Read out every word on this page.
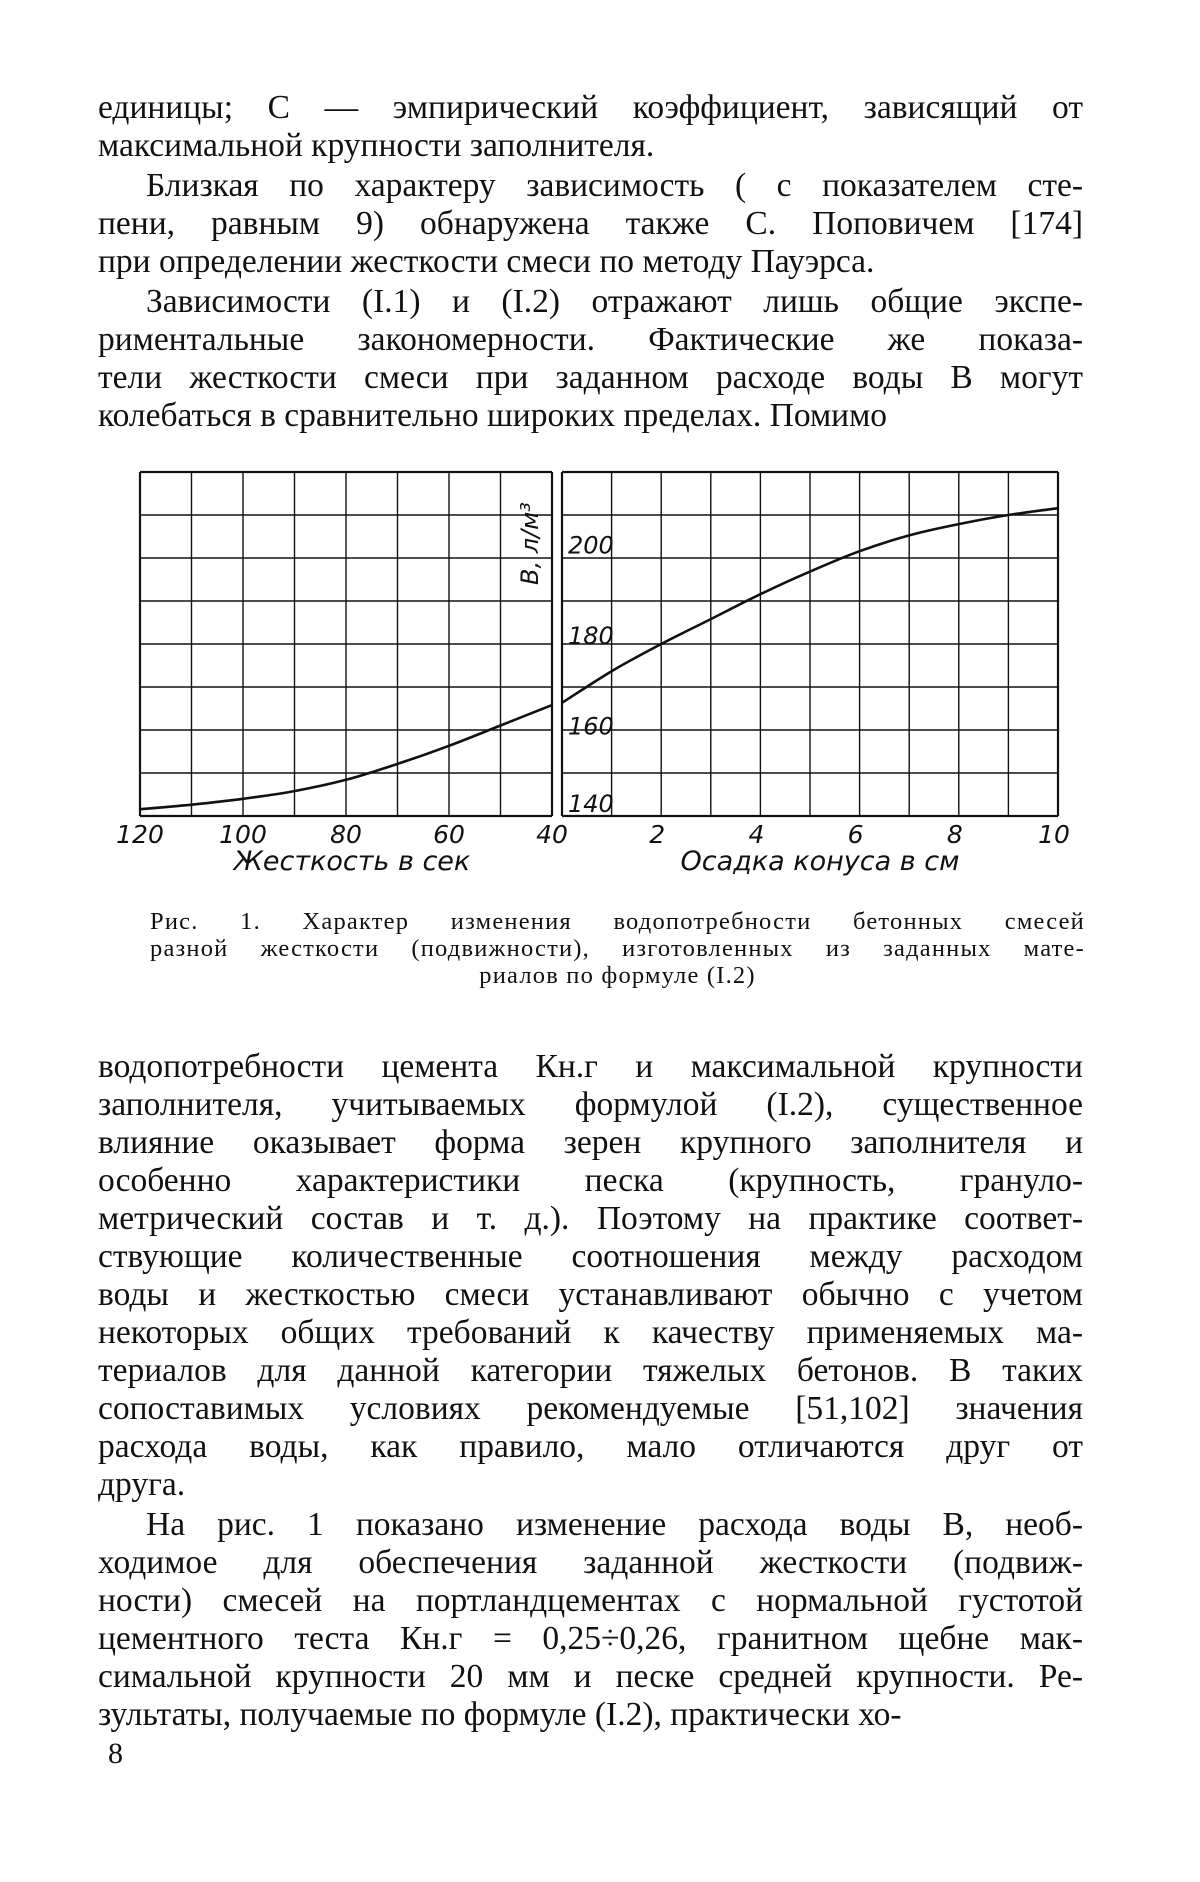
единицы; С — эмпирический коэффициент, зависящий от
максимальной крупности заполнителя.
Близкая по характеру зависимость ( с показателем сте-
пени, равным 9) обнаружена также С. Поповичем [174]
при определении жесткости смеси по методу Пауэрса.
Зависимости (I.1) и (I.2) отражают лишь общие экспе-
риментальные закономерности. Фактические же показа-
тели жесткости смеси при заданном расходе воды В могут
колебаться в сравнительно широких пределах. Помимо
200
180
160
140
120 100	80	60	40	2	4	6	8	10
В, л/м³
Жесткость в сек	Осадка конуса в см
Рис. 1. Характер изменения водопотребности бетонных смесей
разной жесткости (подвижности), изготовленных из заданных мате-
риалов по формуле (I.2)
водопотребности цемента Кн.г и максимальной крупности
заполнителя, учитываемых формулой (I.2), существенное
влияние оказывает форма зерен крупного заполнителя и
особенно характеристики песка (крупность, грануло-
метрический состав и т. д.). Поэтому на практике соответ-
ствующие количественные соотношения между расходом
воды и жесткостью смеси устанавливают обычно с учетом
некоторых общих требований к качеству применяемых ма-
териалов для данной категории тяжелых бетонов. В таких
сопоставимых условиях рекомендуемые [51,102] значения
расхода воды, как правило, мало отличаются друг от
друга.
На рис. 1 показано изменение расхода воды В, необ-
ходимое для обеспечения заданной жесткости (подвиж-
ности) смесей на портландцементах с нормальной густотой
цементного теста Кн.г = 0,25÷0,26, гранитном щебне мак-
симальной крупности 20 мм и песке средней крупности. Ре-
зультаты, получаемые по формуле (I.2), практически хо-
8
